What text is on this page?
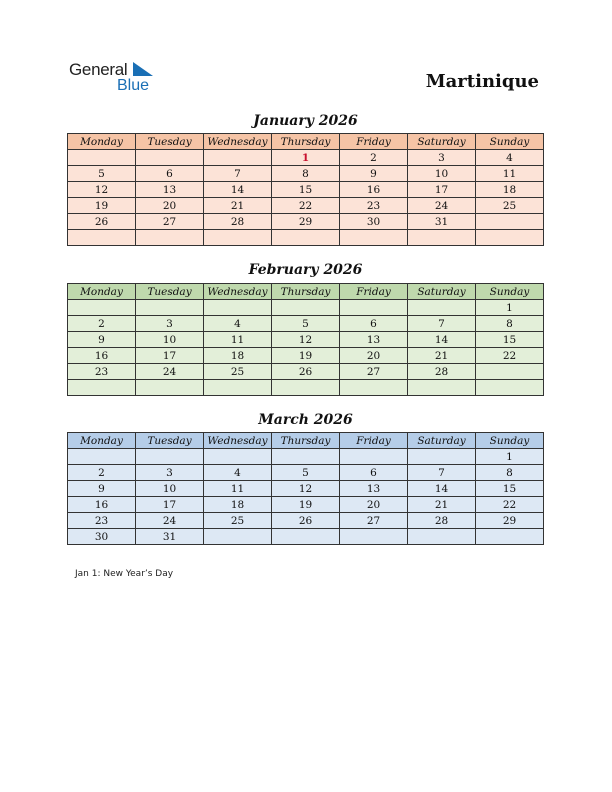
General
Blue	Martinique
January 2026
Monday	Tuesday	Wednesday	Thursday	Friday	Saturday	Sunday
			1	2	3	4
5	6	7	8	9	10	11
12	13	14	15	16	17	18
19	20	21	22	23	24	25
26	27	28	29	30	31	

February 2026
Monday	Tuesday	Wednesday	Thursday	Friday	Saturday	Sunday
						1
2	3	4	5	6	7	8
9	10	11	12	13	14	15
16	17	18	19	20	21	22
23	24	25	26	27	28	

March 2026
Monday	Tuesday	Wednesday	Thursday	Friday	Saturday	Sunday
						1
2	3	4	5	6	7	8
9	10	11	12	13	14	15
16	17	18	19	20	21	22
23	24	25	26	27	28	29
30	31					
Jan 1: New Year’s Day
